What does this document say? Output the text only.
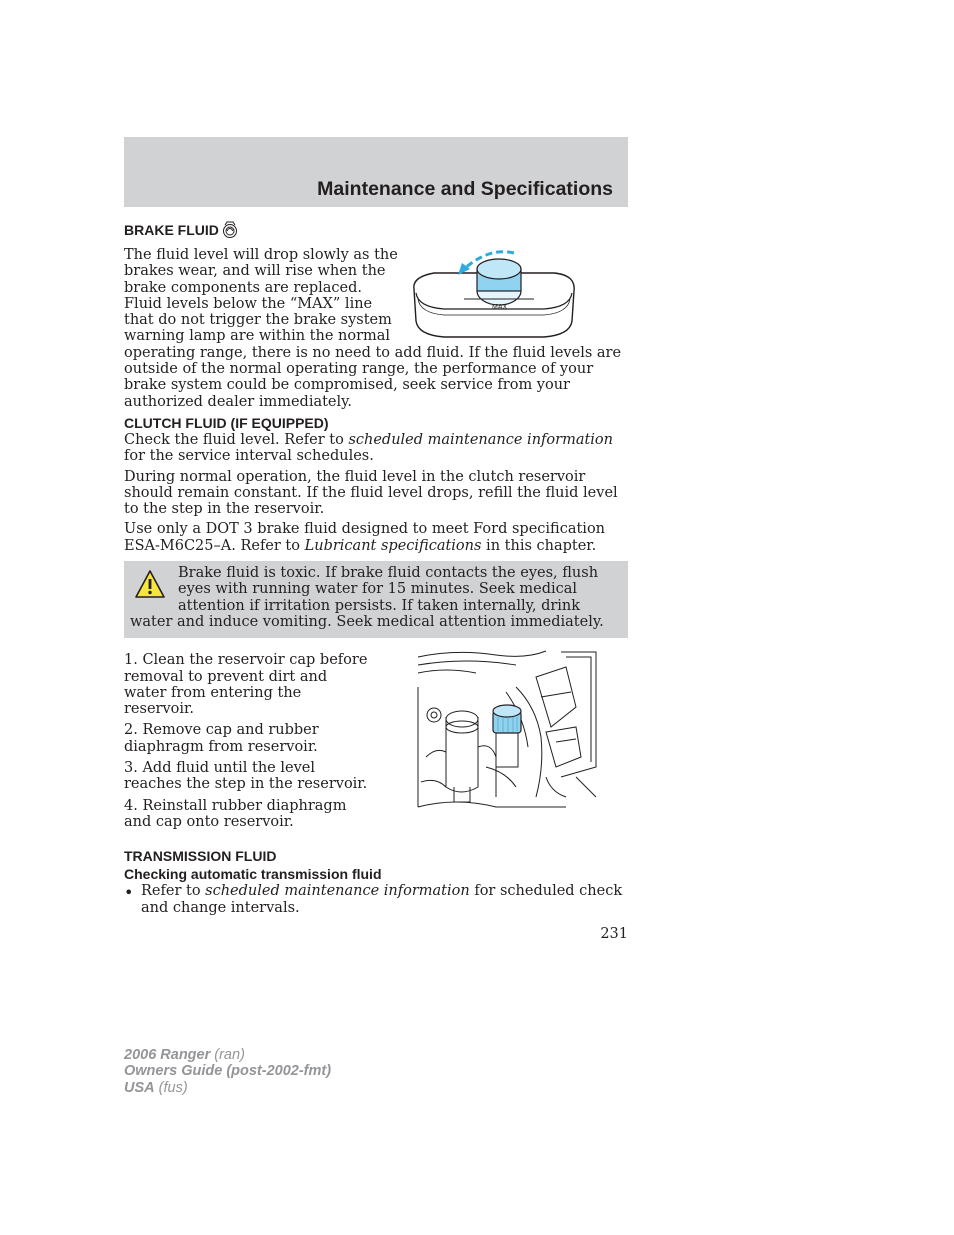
Maintenance and Specifications
BRAKE FLUID
MAX

The fluid level will drop slowly as the brakes wear, and will rise when the brake components are replaced. Fluid levels below the “MAX” line that do not trigger the brake system warning lamp are within the normal operating range, there is no need to add fluid. If the fluid levels are outside of the normal operating range, the performance of your brake system could be compromised, seek service from your authorized dealer immediately.

CLUTCH FLUID (IF EQUIPPED)

Check the fluid level. Refer to scheduled maintenance information for the service interval schedules.

During normal operation, the fluid level in the clutch reservoir should remain constant. If the fluid level drops, refill the fluid level to the step in the reservoir.

Use only a DOT 3 brake fluid designed to meet Ford specification ESA-M6C25–A. Refer to Lubricant specifications in this chapter.

Brake fluid is toxic. If brake fluid contacts the eyes, flush eyes with running water for 15 minutes. Seek medical attention if irritation persists. If taken internally, drink water and induce vomiting. Seek medical attention immediately.

1. Clean the reservoir cap before removal to prevent dirt and water from entering the reservoir.

2. Remove cap and rubber diaphragm from reservoir.

3. Add fluid until the level reaches the step in the reservoir.

4. Reinstall rubber diaphragm and cap onto reservoir.

TRANSMISSION FLUID
Checking automatic transmission fluid
• Refer to scheduled maintenance information for scheduled check and change intervals.

231

2006 Ranger (ran)

Owners Guide (post-2002-fmt)

USA (fus)
